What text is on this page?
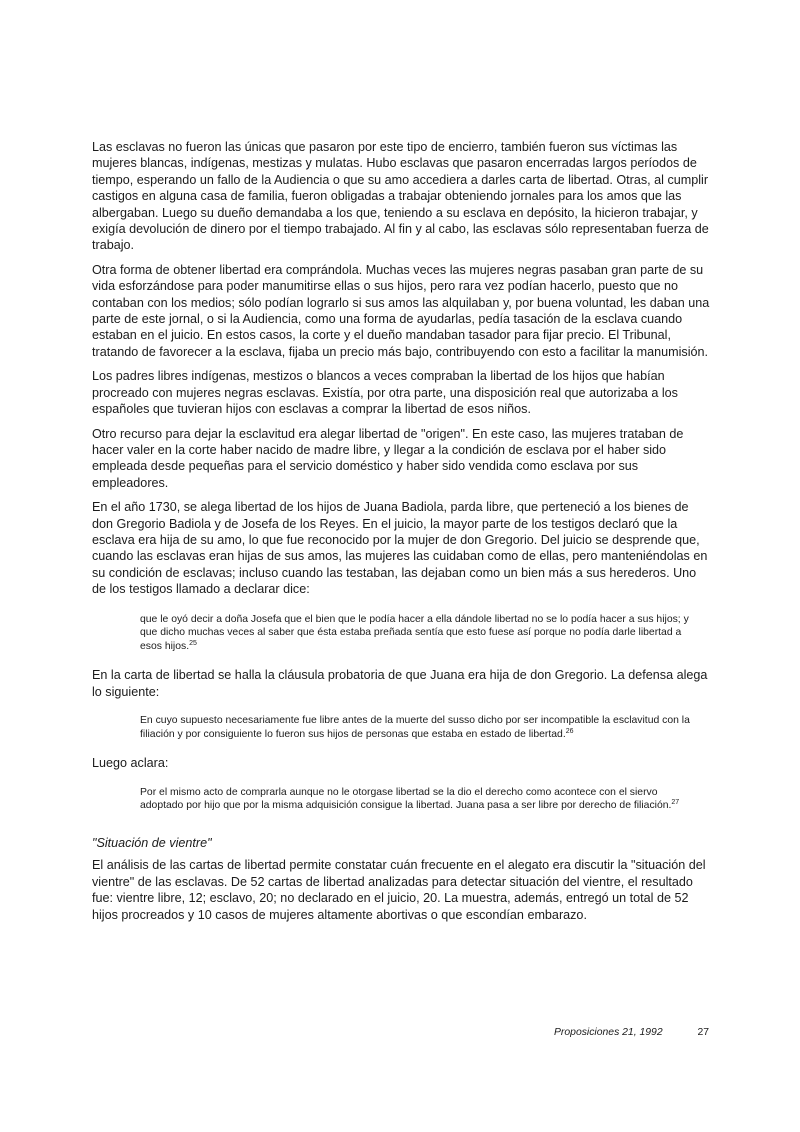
Las esclavas no fueron las únicas que pasaron por este tipo de encierro, también fueron sus víctimas las mujeres blancas, indígenas, mestizas y mulatas. Hubo esclavas que pasaron encerradas largos períodos de tiempo, esperando un fallo de la Audiencia o que su amo accediera a darles carta de libertad. Otras, al cumplir castigos en alguna casa de familia, fueron obligadas a trabajar obteniendo jornales para los amos que las albergaban. Luego su dueño demandaba a los que, teniendo a su esclava en depósito, la hicieron trabajar, y exigía devolución de dinero por el tiempo trabajado. Al fin y al cabo, las esclavas sólo representaban fuerza de trabajo.

Otra forma de obtener libertad era comprándola. Muchas veces las mujeres negras pasaban gran parte de su vida esforzándose para poder manumitirse ellas o sus hijos, pero rara vez podían hacerlo, puesto que no contaban con los medios; sólo podían lograrlo si sus amos las alquilaban y, por buena voluntad, les daban una parte de este jornal, o si la Audiencia, como una forma de ayudarlas, pedía tasación de la esclava cuando estaban en el juicio. En estos casos, la corte y el dueño mandaban tasador para fijar precio. El Tribunal, tratando de favorecer a la esclava, fijaba un precio más bajo, contribuyendo con esto a facilitar la manumisión.

Los padres libres indígenas, mestizos o blancos a veces compraban la libertad de los hijos que habían procreado con mujeres negras esclavas. Existía, por otra parte, una disposición real que autorizaba a los españoles que tuvieran hijos con esclavas a comprar la libertad de esos niños.

Otro recurso para dejar la esclavitud era alegar libertad de "origen". En este caso, las mujeres trataban de hacer valer en la corte haber nacido de madre libre, y llegar a la condición de esclava por el haber sido empleada desde pequeñas para el servicio doméstico y haber sido vendida como esclava por sus empleadores.

En el año 1730, se alega libertad de los hijos de Juana Badiola, parda libre, que perteneció a los bienes de don Gregorio Badiola y de Josefa de los Reyes. En el juicio, la mayor parte de los testigos declaró que la esclava era hija de su amo, lo que fue reconocido por la mujer de don Gregorio. Del juicio se desprende que, cuando las esclavas eran hijas de sus amos, las mujeres las cuidaban como de ellas, pero manteniéndolas en su condición de esclavas; incluso cuando las testaban, las dejaban como un bien más a sus herederos. Uno de los testigos llamado a declarar dice:

que le oyó decir a doña Josefa que el bien que le podía hacer a ella dándole libertad no se lo podía hacer a sus hijos; y que dicho muchas veces al saber que ésta estaba preñada sentía que esto fuese así porque no podía darle libertad a esos hijos.$^{25}$

En la carta de libertad se halla la cláusula probatoria de que Juana era hija de don Gregorio. La defensa alega lo siguiente:

En cuyo supuesto necesariamente fue libre antes de la muerte del susso dicho por ser incompatible la esclavitud con la filiación y por consiguiente lo fueron sus hijos de personas que estaba en estado de libertad.$^{26}$

Luego aclara:

Por el mismo acto de comprarla aunque no le otorgase libertad se la dio el derecho como acontece con el siervo adoptado por hijo que por la misma adquisición consigue la libertad. Juana pasa a ser libre por derecho de filiación.$^{27}$

"Situación de vientre"

El análisis de las cartas de libertad permite constatar cuán frecuente en el alegato era discutir la "situación del vientre" de las esclavas. De 52 cartas de libertad analizadas para detectar situación del vientre, el resultado fue: vientre libre, 12; esclavo, 20; no declarado en el juicio, 20. La muestra, además, entregó un total de 52 hijos procreados y 10 casos de mujeres altamente abortivas o que escondían embarazo.

Proposiciones 21, 1992	27
